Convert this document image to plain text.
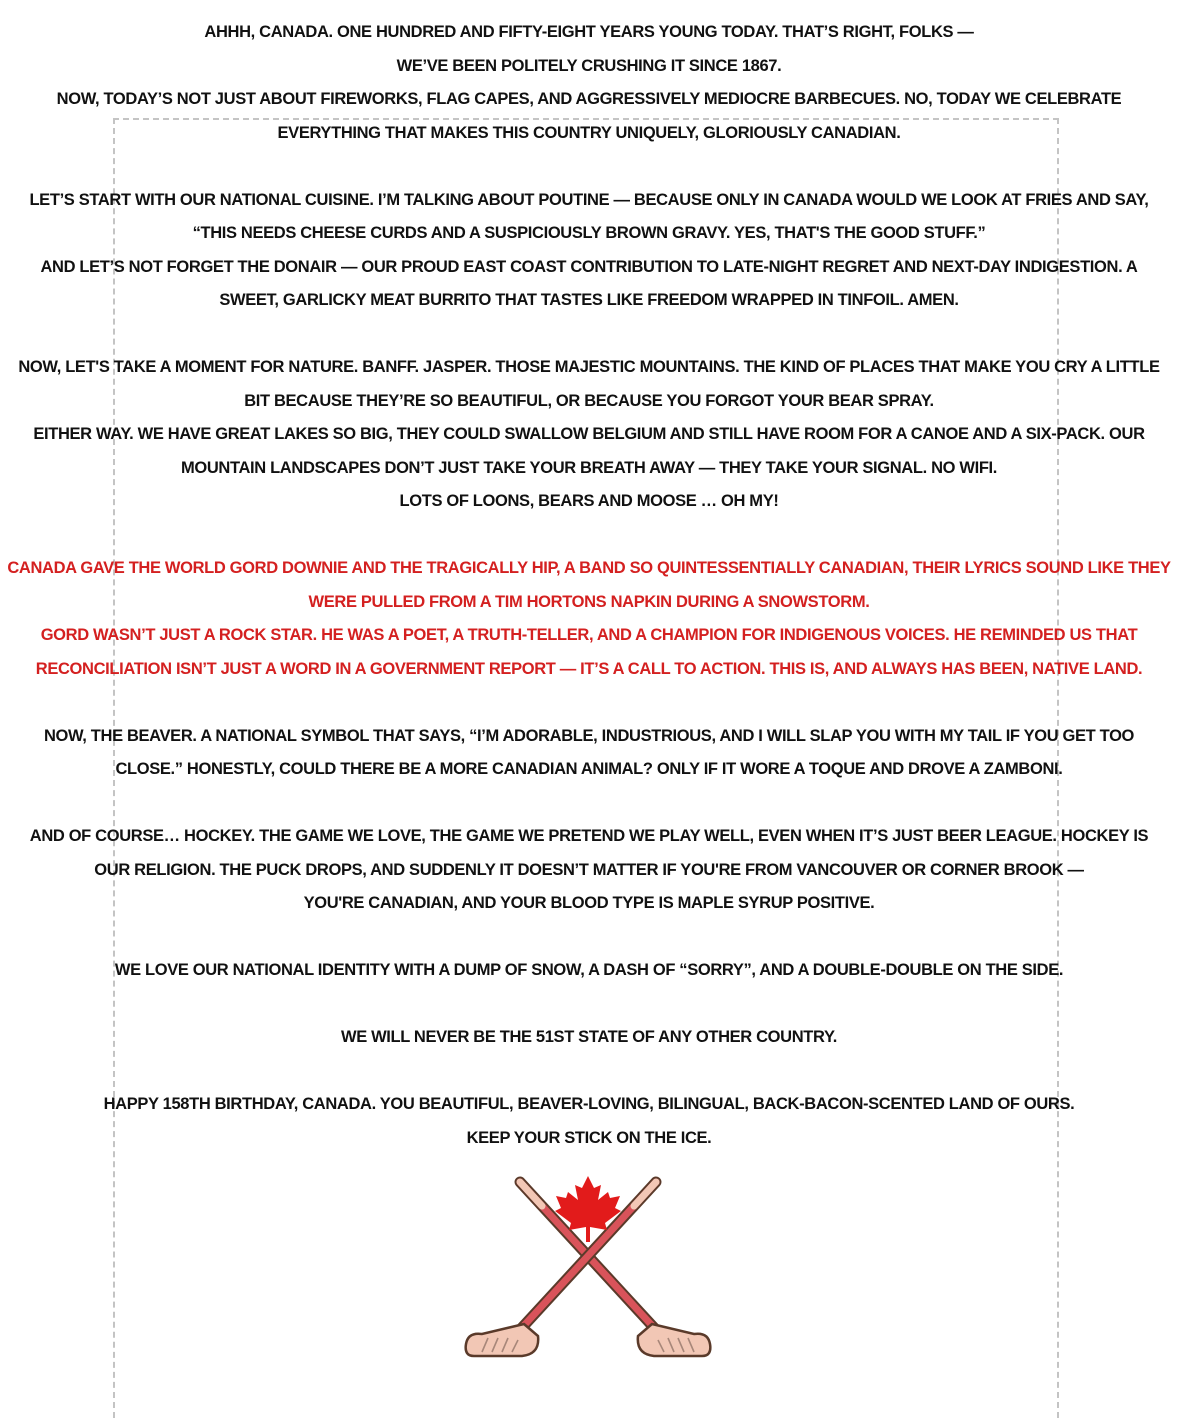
AHHH, CANADA. ONE HUNDRED AND FIFTY-EIGHT YEARS YOUNG TODAY. THAT’S RIGHT, FOLKS —

WE’VE BEEN POLITELY CRUSHING IT SINCE 1867.

NOW, TODAY’S NOT JUST ABOUT FIREWORKS, FLAG CAPES, AND AGGRESSIVELY MEDIOCRE BARBECUES. NO, TODAY WE CELEBRATE

EVERYTHING THAT MAKES THIS COUNTRY UNIQUELY, GLORIOUSLY CANADIAN.

LET’S START WITH OUR NATIONAL CUISINE. I’M TALKING ABOUT POUTINE — BECAUSE ONLY IN CANADA WOULD WE LOOK AT FRIES AND SAY,

“THIS NEEDS CHEESE CURDS AND A SUSPICIOUSLY BROWN GRAVY. YES, THAT'S THE GOOD STUFF.”

AND LET’S NOT FORGET THE DONAIR — OUR PROUD EAST COAST CONTRIBUTION TO LATE-NIGHT REGRET AND NEXT-DAY INDIGESTION. A

SWEET, GARLICKY MEAT BURRITO THAT TASTES LIKE FREEDOM WRAPPED IN TINFOIL. AMEN.

NOW, LET'S TAKE A MOMENT FOR NATURE. BANFF. JASPER. THOSE MAJESTIC MOUNTAINS. THE KIND OF PLACES THAT MAKE YOU CRY A LITTLE

BIT BECAUSE THEY’RE SO BEAUTIFUL, OR BECAUSE YOU FORGOT YOUR BEAR SPRAY.

EITHER WAY. WE HAVE GREAT LAKES SO BIG, THEY COULD SWALLOW BELGIUM AND STILL HAVE ROOM FOR A CANOE AND A SIX-PACK. OUR

MOUNTAIN LANDSCAPES DON’T JUST TAKE YOUR BREATH AWAY — THEY TAKE YOUR SIGNAL. NO WIFI.

LOTS OF LOONS, BEARS AND MOOSE … OH MY!

CANADA GAVE THE WORLD GORD DOWNIE AND THE TRAGICALLY HIP, A BAND SO QUINTESSENTIALLY CANADIAN, THEIR LYRICS SOUND LIKE THEY

WERE PULLED FROM A TIM HORTONS NAPKIN DURING A SNOWSTORM.

GORD WASN’T JUST A ROCK STAR. HE WAS A POET, A TRUTH-TELLER, AND A CHAMPION FOR INDIGENOUS VOICES. HE REMINDED US THAT

RECONCILIATION ISN’T JUST A WORD IN A GOVERNMENT REPORT — IT’S A CALL TO ACTION. THIS IS, AND ALWAYS HAS BEEN, NATIVE LAND.

NOW, THE BEAVER. A NATIONAL SYMBOL THAT SAYS, “I’M ADORABLE, INDUSTRIOUS, AND I WILL SLAP YOU WITH MY TAIL IF YOU GET TOO

CLOSE.” HONESTLY, COULD THERE BE A MORE CANADIAN ANIMAL? ONLY IF IT WORE A TOQUE AND DROVE A ZAMBONI.

AND OF COURSE… HOCKEY. THE GAME WE LOVE, THE GAME WE PRETEND WE PLAY WELL, EVEN WHEN IT’S JUST BEER LEAGUE. HOCKEY IS

OUR RELIGION. THE PUCK DROPS, AND SUDDENLY IT DOESN’T MATTER IF YOU'RE FROM VANCOUVER OR CORNER BROOK —

YOU'RE CANADIAN, AND YOUR BLOOD TYPE IS MAPLE SYRUP POSITIVE.

WE LOVE OUR NATIONAL IDENTITY WITH A DUMP OF SNOW, A DASH OF “SORRY”, AND A DOUBLE-DOUBLE ON THE SIDE.

WE WILL NEVER BE THE 51ST STATE OF ANY OTHER COUNTRY.

HAPPY 158TH BIRTHDAY, CANADA. YOU BEAUTIFUL, BEAVER-LOVING, BILINGUAL, BACK-BACON-SCENTED LAND OF OURS.

KEEP YOUR STICK ON THE ICE.
